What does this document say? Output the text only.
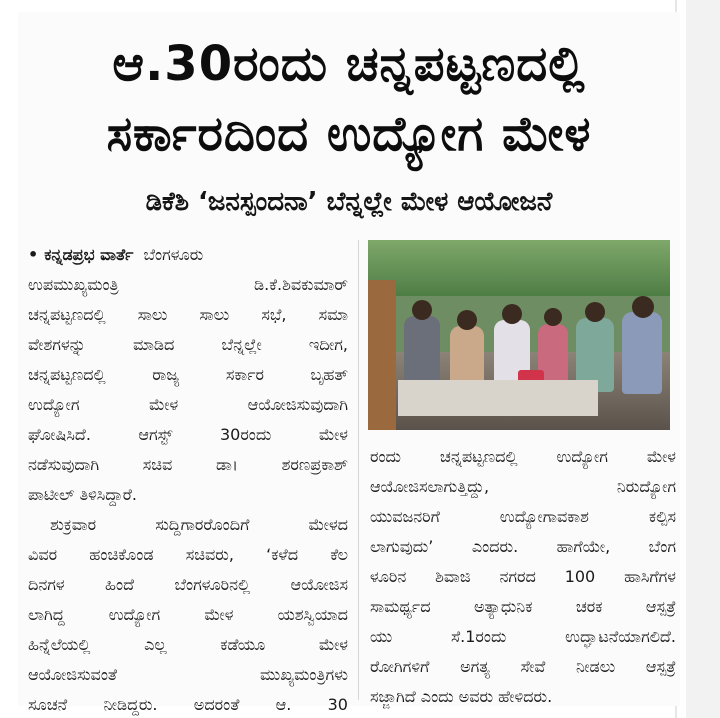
ಆ.30ರಂದು ಚನ್ನಪಟ್ಟಣದಲ್ಲಿ
ಸರ್ಕಾರದಿಂದ ಉದ್ಯೋಗ ಮೇಳ
ಡಿಕೆಶಿ ‘ಜನಸ್ಪಂದನಾ’ ಬೆನ್ನಲ್ಲೇ ಮೇಳ ಆಯೋಜನೆ
• ಕನ್ನಡಪ್ರಭ ವಾರ್ತೆ ಬೆಂಗಳೂರು
ಉಪಮುಖ್ಯಮಂತ್ರಿ ಡಿ.ಕೆ.ಶಿವಕುಮಾರ್
ಚನ್ನಪಟ್ಟಣದಲ್ಲಿ ಸಾಲು ಸಾಲು ಸಭೆ, ಸಮಾ
ವೇಶಗಳನ್ನು ಮಾಡಿದ ಬೆನ್ನಲ್ಲೇ ಇದೀಗ,
ಚನ್ನಪಟ್ಟಣದಲ್ಲಿ ರಾಜ್ಯ ಸರ್ಕಾರ ಬೃಹತ್
ಉದ್ಯೋಗ ಮೇಳ ಆಯೋಜಿಸುವುದಾಗಿ
ಘೋಷಿಸಿದೆ. ಆಗಸ್ಟ್ 30ರಂದು ಮೇಳ
ನಡೆಸುವುದಾಗಿ ಸಚಿವ ಡಾ। ಶರಣಪ್ರಕಾಶ್
ಪಾಟೀಲ್ ತಿಳಿಸಿದ್ದಾರೆ.
ಶುಕ್ರವಾರ ಸುದ್ದಿಗಾರರೊಂದಿಗೆ ಮೇಳದ
ವಿವರ ಹಂಚಿಕೊಂಡ ಸಚಿವರು, ‘ಕಳೆದ ಕೆಲ
ದಿನಗಳ ಹಿಂದೆ ಬೆಂಗಳೂರಿನಲ್ಲಿ ಆಯೋಜಿಸ
ಲಾಗಿದ್ದ ಉದ್ಯೋಗ ಮೇಳ ಯಶಸ್ವಿಯಾದ
ಹಿನ್ನೆಲೆಯಲ್ಲಿ ಎಲ್ಲ ಕಡೆಯೂ ಮೇಳ
ಆಯೋಜಿಸುವಂತೆ ಮುಖ್ಯಮಂತ್ರಿಗಳು
ಸೂಚನೆ ನೀಡಿದ್ದರು. ಅದರಂತೆ ಆ. 30
ರಂದು ಚನ್ನಪಟ್ಟಣದಲ್ಲಿ ಉದ್ಯೋಗ ಮೇಳ
ಆಯೋಜಿಸಲಾಗುತ್ತಿದ್ದು, ನಿರುದ್ಯೋಗ
ಯುವಜನರಿಗೆ ಉದ್ಯೋಗಾವಕಾಶ ಕಲ್ಪಿಸ
ಲಾಗುವುದು’ ಎಂದರು. ಹಾಗೆಯೇ, ಬೆಂಗ
ಳೂರಿನ ಶಿವಾಜಿ ನಗರದ 100 ಹಾಸಿಗೆಗಳ
ಸಾಮರ್ಥ್ಯದ ಅತ್ಯಾಧುನಿಕ ಚರಕ ಆಸ್ಪತ್ರೆ
ಯು ಸೆ.1ರಂದು ಉದ್ಘಾಟನೆಯಾಗಲಿದೆ.
ರೋಗಿಗಳಿಗೆ ಅಗತ್ಯ ಸೇವೆ ನೀಡಲು ಆಸ್ಪತ್ರೆ
ಸಜ್ಜಾಗಿದೆ ಎಂದು ಅವರು ಹೇಳಿದರು.
